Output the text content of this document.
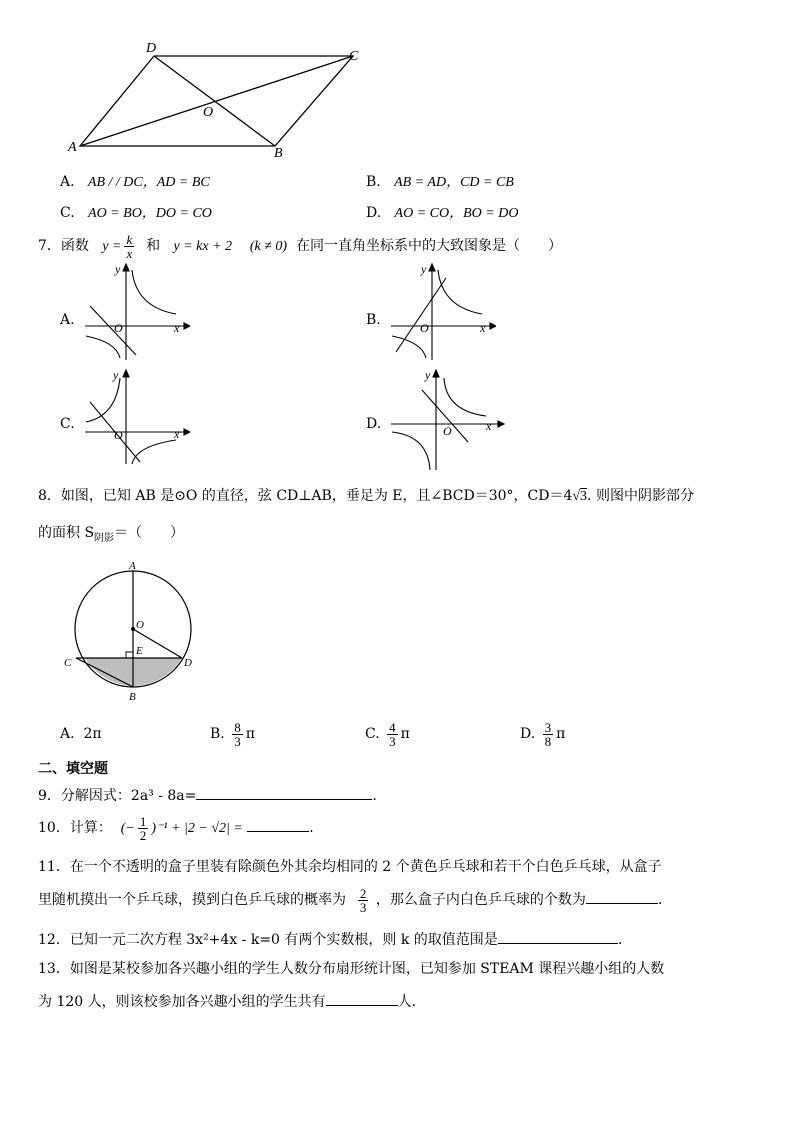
A	B
C
D
O
A. AB / / DC，AD = BC	B. AB = AD，CD = CB
C. AO = BO，DO = CO	D. AO = CO，BO = DO
7．函数 $y = \frac{k}{x}$ 和 y = kx + 2 (k ≠ 0) 在同一直角坐标系中的大致图象是（　　）
A.	B.
C.	D.
y
x
O
y
x
O
y
x
O
y
x
O
8．如图，已知 AB 是⊙O 的直径，弦 CD⊥AB，垂足为 E，且∠BCD＝30°，CD＝4√3. 则图中阴影部分
的面积 $S_{阴影}=$（　　）
A
O
E
C	D
B
A. 2π	B. $\frac{8}{3}$ π	C. $\frac{4}{3}$ π	D. $\frac{3}{8}$ π
二、填空题
9．分解因式：2a³ - 8a=	.
10．计算： (− $\frac{1}{2} )^{-1} + |2 - √2|$ =	.
11．在一个不透明的盒子里装有除颜色外其余均相同的 2 个黄色乒乓球和若干个白色乒乓球，从盒子
里随机摸出一个乒乓球，摸到白色乒乓球的概率为 $\frac{2}{3}$ ，那么盒子内白色乒乓球的个数为	.
12．已知一元二次方程 3x²+4x - k=0 有两个实数根，则 k 的取值范围是	.
13．如图是某校参加各兴趣小组的学生人数分布扇形统计图，已知参加 STEAM 课程兴趣小组的人数
为 120 人，则该校参加各兴趣小组的学生共有	人.
